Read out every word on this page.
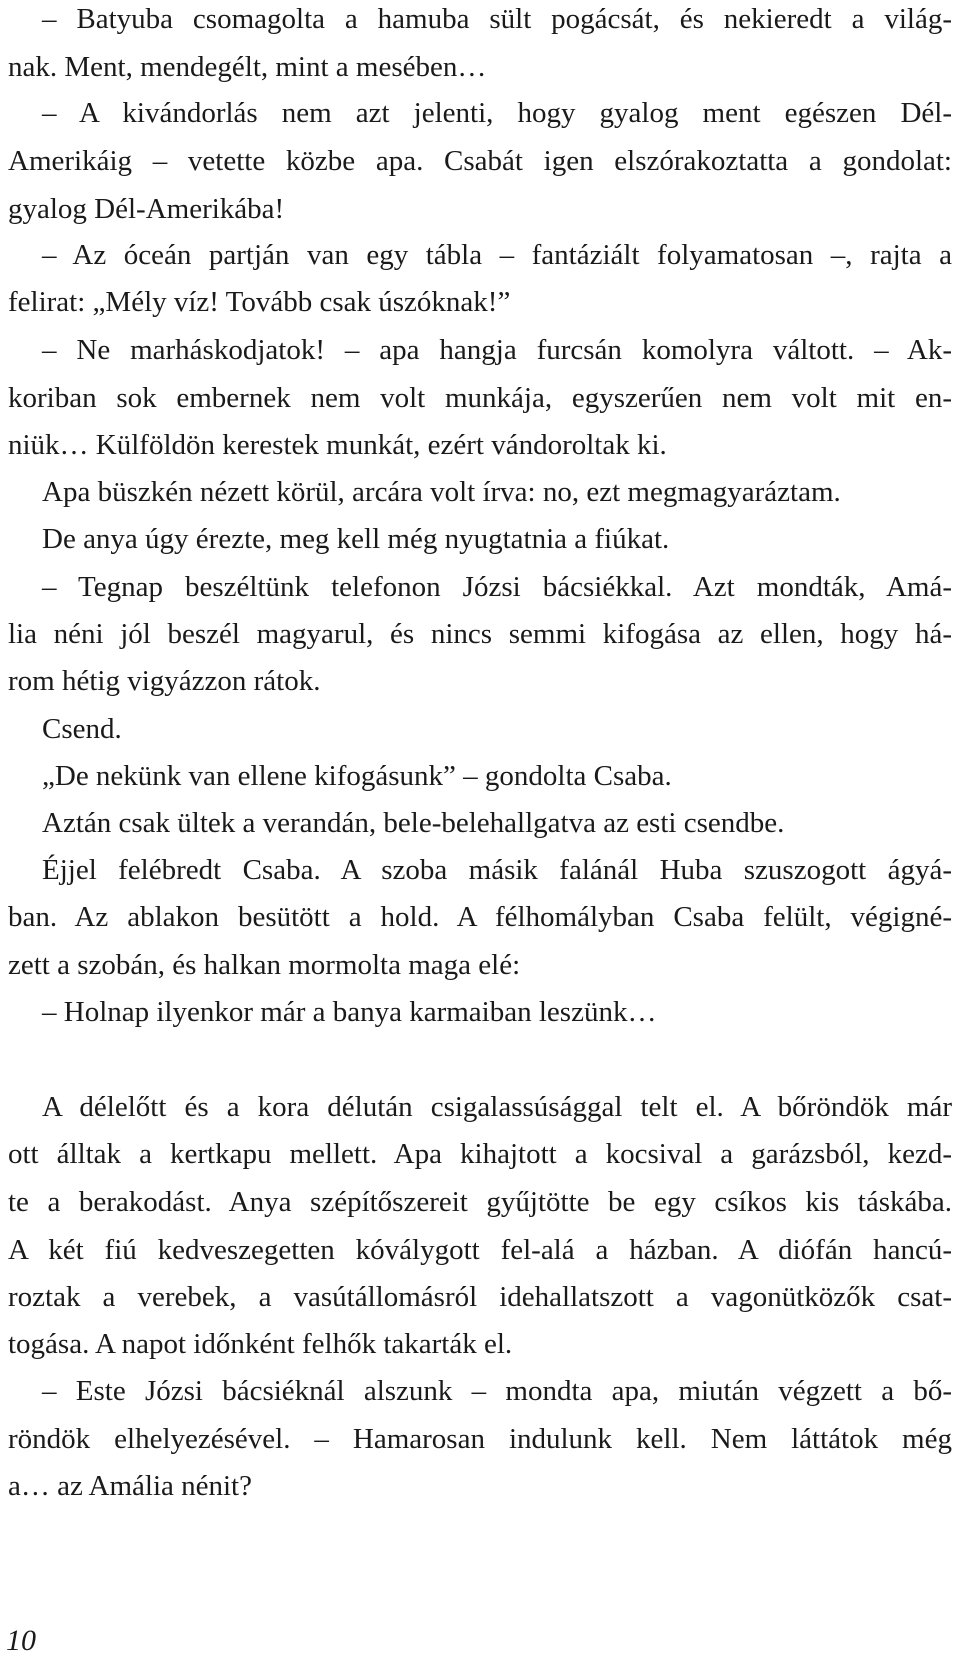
– Batyuba csomagolta a hamuba sült pogácsát, és nekieredt a világ-
nak. Ment, mendegélt, mint a mesében…
– A kivándorlás nem azt jelenti, hogy gyalog ment egészen Dél-
Amerikáig – vetette közbe apa. Csabát igen elszórakoztatta a gondolat:
gyalog Dél-Amerikába!
– Az óceán partján van egy tábla – fantáziált folyamatosan –, rajta a
felirat: „Mély víz! Tovább csak úszóknak!”
– Ne marháskodjatok! – apa hangja furcsán komolyra váltott. – Ak-
koriban sok embernek nem volt munkája, egyszerűen nem volt mit en-
niük… Külföldön kerestek munkát, ezért vándoroltak ki.
Apa büszkén nézett körül, arcára volt írva: no, ezt megmagyaráztam.
De anya úgy érezte, meg kell még nyugtatnia a fiúkat.
– Tegnap beszéltünk telefonon Józsi bácsiékkal. Azt mondták, Amá-
lia néni jól beszél magyarul, és nincs semmi kifogása az ellen, hogy há-
rom hétig vigyázzon rátok.
Csend.
„De nekünk van ellene kifogásunk” – gondolta Csaba.
Aztán csak ültek a verandán, bele-belehallgatva az esti csendbe.
Éjjel felébredt Csaba. A szoba másik falánál Huba szuszogott ágyá-
ban. Az ablakon besütött a hold. A félhomályban Csaba felült, végigné-
zett a szobán, és halkan mormolta maga elé:
– Holnap ilyenkor már a banya karmaiban leszünk…
A délelőtt és a kora délután csigalassúsággal telt el. A bőröndök már
ott álltak a kertkapu mellett. Apa kihajtott a kocsival a garázsból, kezd-
te a berakodást. Anya szépítőszereit gyűjtötte be egy csíkos kis táskába.
A két fiú kedveszegetten kóválygott fel-alá a házban. A diófán hancú-
roztak a verebek, a vasútállomásról idehallatszott a vagonütközők csat-
togása. A napot időnként felhők takarták el.
– Este Józsi bácsiéknál alszunk – mondta apa, miután végzett a bő-
röndök elhelyezésével. – Hamarosan indulunk kell. Nem láttátok még
a… az Amália nénit?
10
